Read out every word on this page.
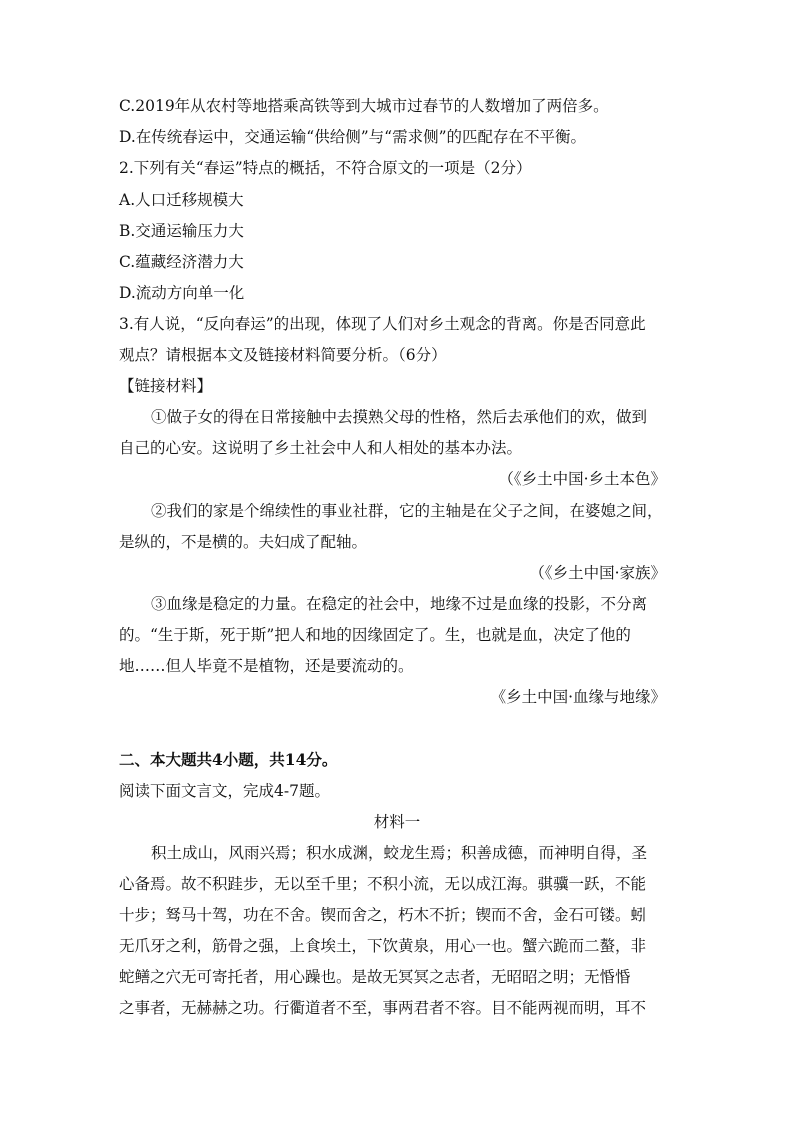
C.2019年从农村等地搭乘高铁等到大城市过春节的人数增加了两倍多。
D.在传统春运中，交通运输“供给侧”与“需求侧”的匹配存在不平衡。
2.下列有关“春运”特点的概括，不符合原文的一项是（2分）
A.人口迁移规模大
B.交通运输压力大
C.蕴藏经济潜力大
D.流动方向单一化
3.有人说，“反向春运”的出现，体现了人们对乡土观念的背离。你是否同意此
观点？请根据本文及链接材料简要分析。（6分）
【链接材料】
①做子女的得在日常接触中去摸熟父母的性格，然后去承他们的欢，做到
自己的心安。这说明了乡土社会中人和人相处的基本办法。
（《乡土中国·乡土本色》
②我们的家是个绵续性的事业社群，它的主轴是在父子之间，在婆媳之间，
是纵的，不是横的。夫妇成了配轴。
（《乡土中国·家族》
③血缘是稳定的力量。在稳定的社会中，地缘不过是血缘的投影，不分离
的。“生于斯，死于斯”把人和地的因缘固定了。生，也就是血，决定了他的
地……但人毕竟不是植物，还是要流动的。
《乡土中国·血缘与地缘》
二、本大题共4小题，共14分。
阅读下面文言文，完成4-7题。
材料一
积土成山，风雨兴焉；积水成渊，蛟龙生焉；积善成德，而神明自得，圣
心备焉。故不积跬步，无以至千里；不积小流，无以成江海。骐骥一跃，不能
十步；驽马十驾，功在不舍。锲而舍之，朽木不折；锲而不舍，金石可镂。蚓
无爪牙之利，筋骨之强，上食埃土，下饮黄泉，用心一也。蟹六跪而二螯，非
蛇鳝之穴无可寄托者，用心躁也。是故无冥冥之志者，无昭昭之明；无惛惛
之事者，无赫赫之功。行衢道者不至，事两君者不容。目不能两视而明，耳不
